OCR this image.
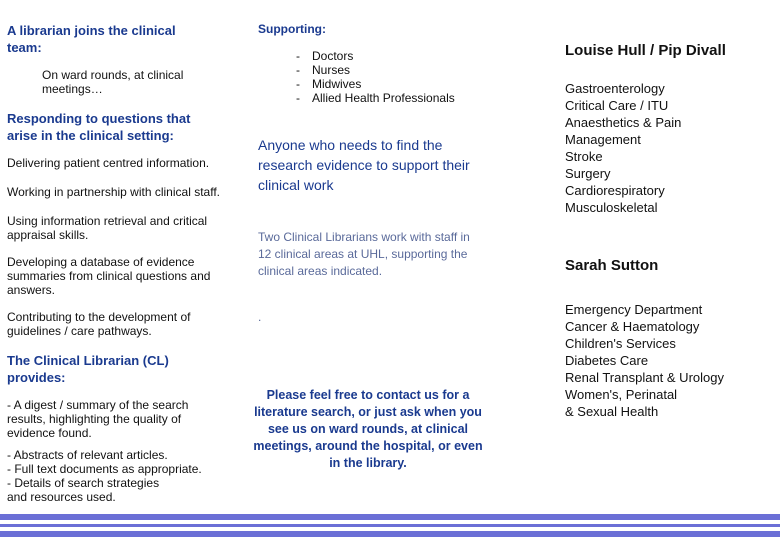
A librarian joins the clinical team:

On ward rounds, at clinical meetings…

Responding to questions that arise in the clinical setting:

Delivering patient centred information.

Working in partnership with clinical staff.

Using information retrieval and critical appraisal skills.

Developing a database of evidence summaries from clinical questions and answers.

Contributing to the development of guidelines / care pathways.

The Clinical Librarian (CL) provides:

- A digest / summary of the search results, highlighting the quality of evidence found.

- Abstracts of relevant articles.
- Full text documents as appropriate.
- Details of search strategies
and resources used.

Supporting:

- Doctors
- Nurses
- Midwives
- Allied Health Professionals

Anyone who needs to find the research evidence to support their clinical work

Two Clinical Librarians work with staff in 12 clinical areas at UHL, supporting the clinical areas indicated.

.

Please feel free to contact us for a literature search, or just ask when you see us on ward rounds, at clinical meetings, around the hospital, or even in the library.

Louise Hull / Pip Divall

Gastroenterology
Critical Care / ITU
Anaesthetics & Pain
Management
Stroke
Surgery
Cardiorespiratory
Musculoskeletal

Sarah Sutton

Emergency Department
Cancer & Haematology
Children's Services
Diabetes Care
Renal Transplant & Urology
Women's, Perinatal
& Sexual Health
